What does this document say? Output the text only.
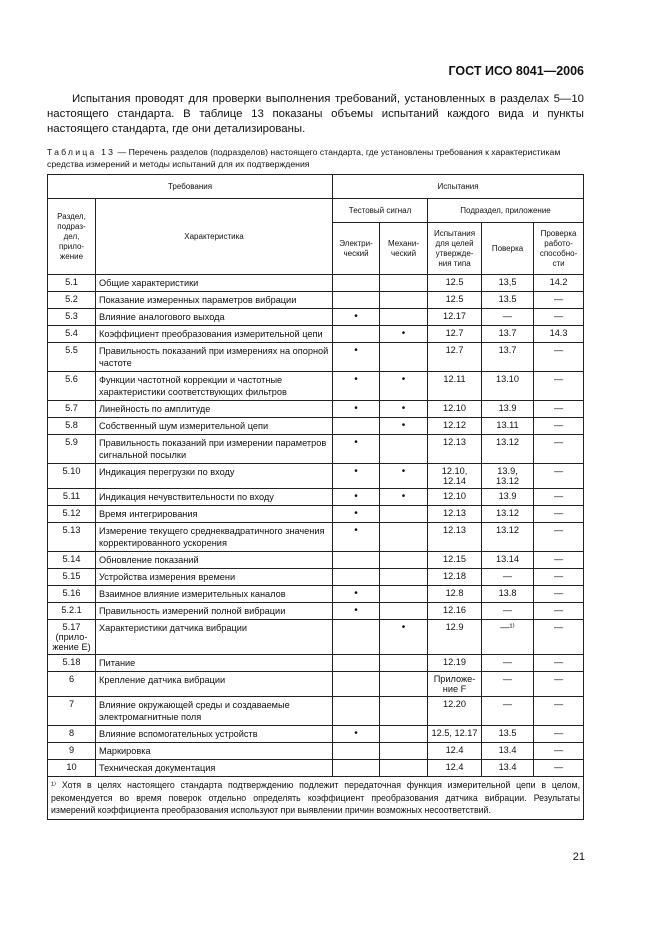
ГОСТ ИСО 8041—2006

Испытания проводят для проверки выполнения требований, установленных в разделах 5—10 настоящего стандарта. В таблице 13 показаны объемы испытаний каждого вида и пункты настоящего стандарта, где они детализированы.

Таблица 13 — Перечень разделов (подразделов) настоящего стандарта, где установлены требования к характеристикам средства измерений и методы испытаний для их подтверждения
Требования		Испытания				
Раздел, подраз-дел, прило-жение	Характеристика	Тестовый сигнал		Подраздел, приложение		
		Электри-ческий	Механи-ческий	Испытания для целей утвержде-ния типа	Поверка	Проверка работо-способно-сти
5.1	Общие характеристики			12.5	13,5	14.2
5.2	Показание измеренных параметров вибрации			12.5	13.5	—
5.3	Влияние аналогового выхода	•		12.17	—	—
5.4	Коэффициент преобразования измерительной цепи		•	12.7	13.7	14.3
5.5	Правильность показаний при измерениях на опорной частоте	•		12.7	13.7	—
5.6	Функции частотной коррекции и частотные характеристики соответствующих фильтров	•	•	12.11	13.10	—
5.7	Линейность по амплитуде	•	•	12.10	13.9	—
5.8	Собственный шум измерительной цепи		•	12.12	13.11	—
5.9	Правильность показаний при измерении параметров сигнальной посылки	•		12.13	13.12	—
5.10	Индикация перегрузки по входу	•	•	12.10, 12.14	13.9, 13.12	—
5.11	Индикация нечувствительности по входу	•	•	12.10	13.9	—
5.12	Время интегрирования	•		12.13	13.12	—
5.13	Измерение текущего среднеквадратичного значения корректированного ускорения	•		12.13	13.12	—
5.14	Обновление показаний			12.15	13.14	—
5.15	Устройства измерения времени			12.18	—	—
5.16	Взаимное влияние измерительных каналов	•		12.8	13.8	—
5.2.1	Правильность измерений полной вибрации	•		12.16	—	—
5.17 (прило-жение Е)	Характеристики датчика вибрации		•	12.9	—¹⁾	—
5.18	Питание			12.19	—	—
6	Крепление датчика вибрации			Приложе-ние F	—	—
7	Влияние окружающей среды и создаваемые электромагнитные поля			12.20	—	—
8	Влияние вспомогательных устройств	•		12.5, 12.17	13.5	—
9	Маркировка			12.4	13.4	—
10	Техническая документация			12.4	13.4	—
¹⁾ Хотя в целях настоящего стандарта подтверждению подлежит передаточная функция измерительной цепи в целом, рекомендуется во время поверок отдельно определять коэффициент преобразования датчика вибрации. Результаты измерений коэффициента преобразования используют при выявлении причин возможных несоответствий.						
21
